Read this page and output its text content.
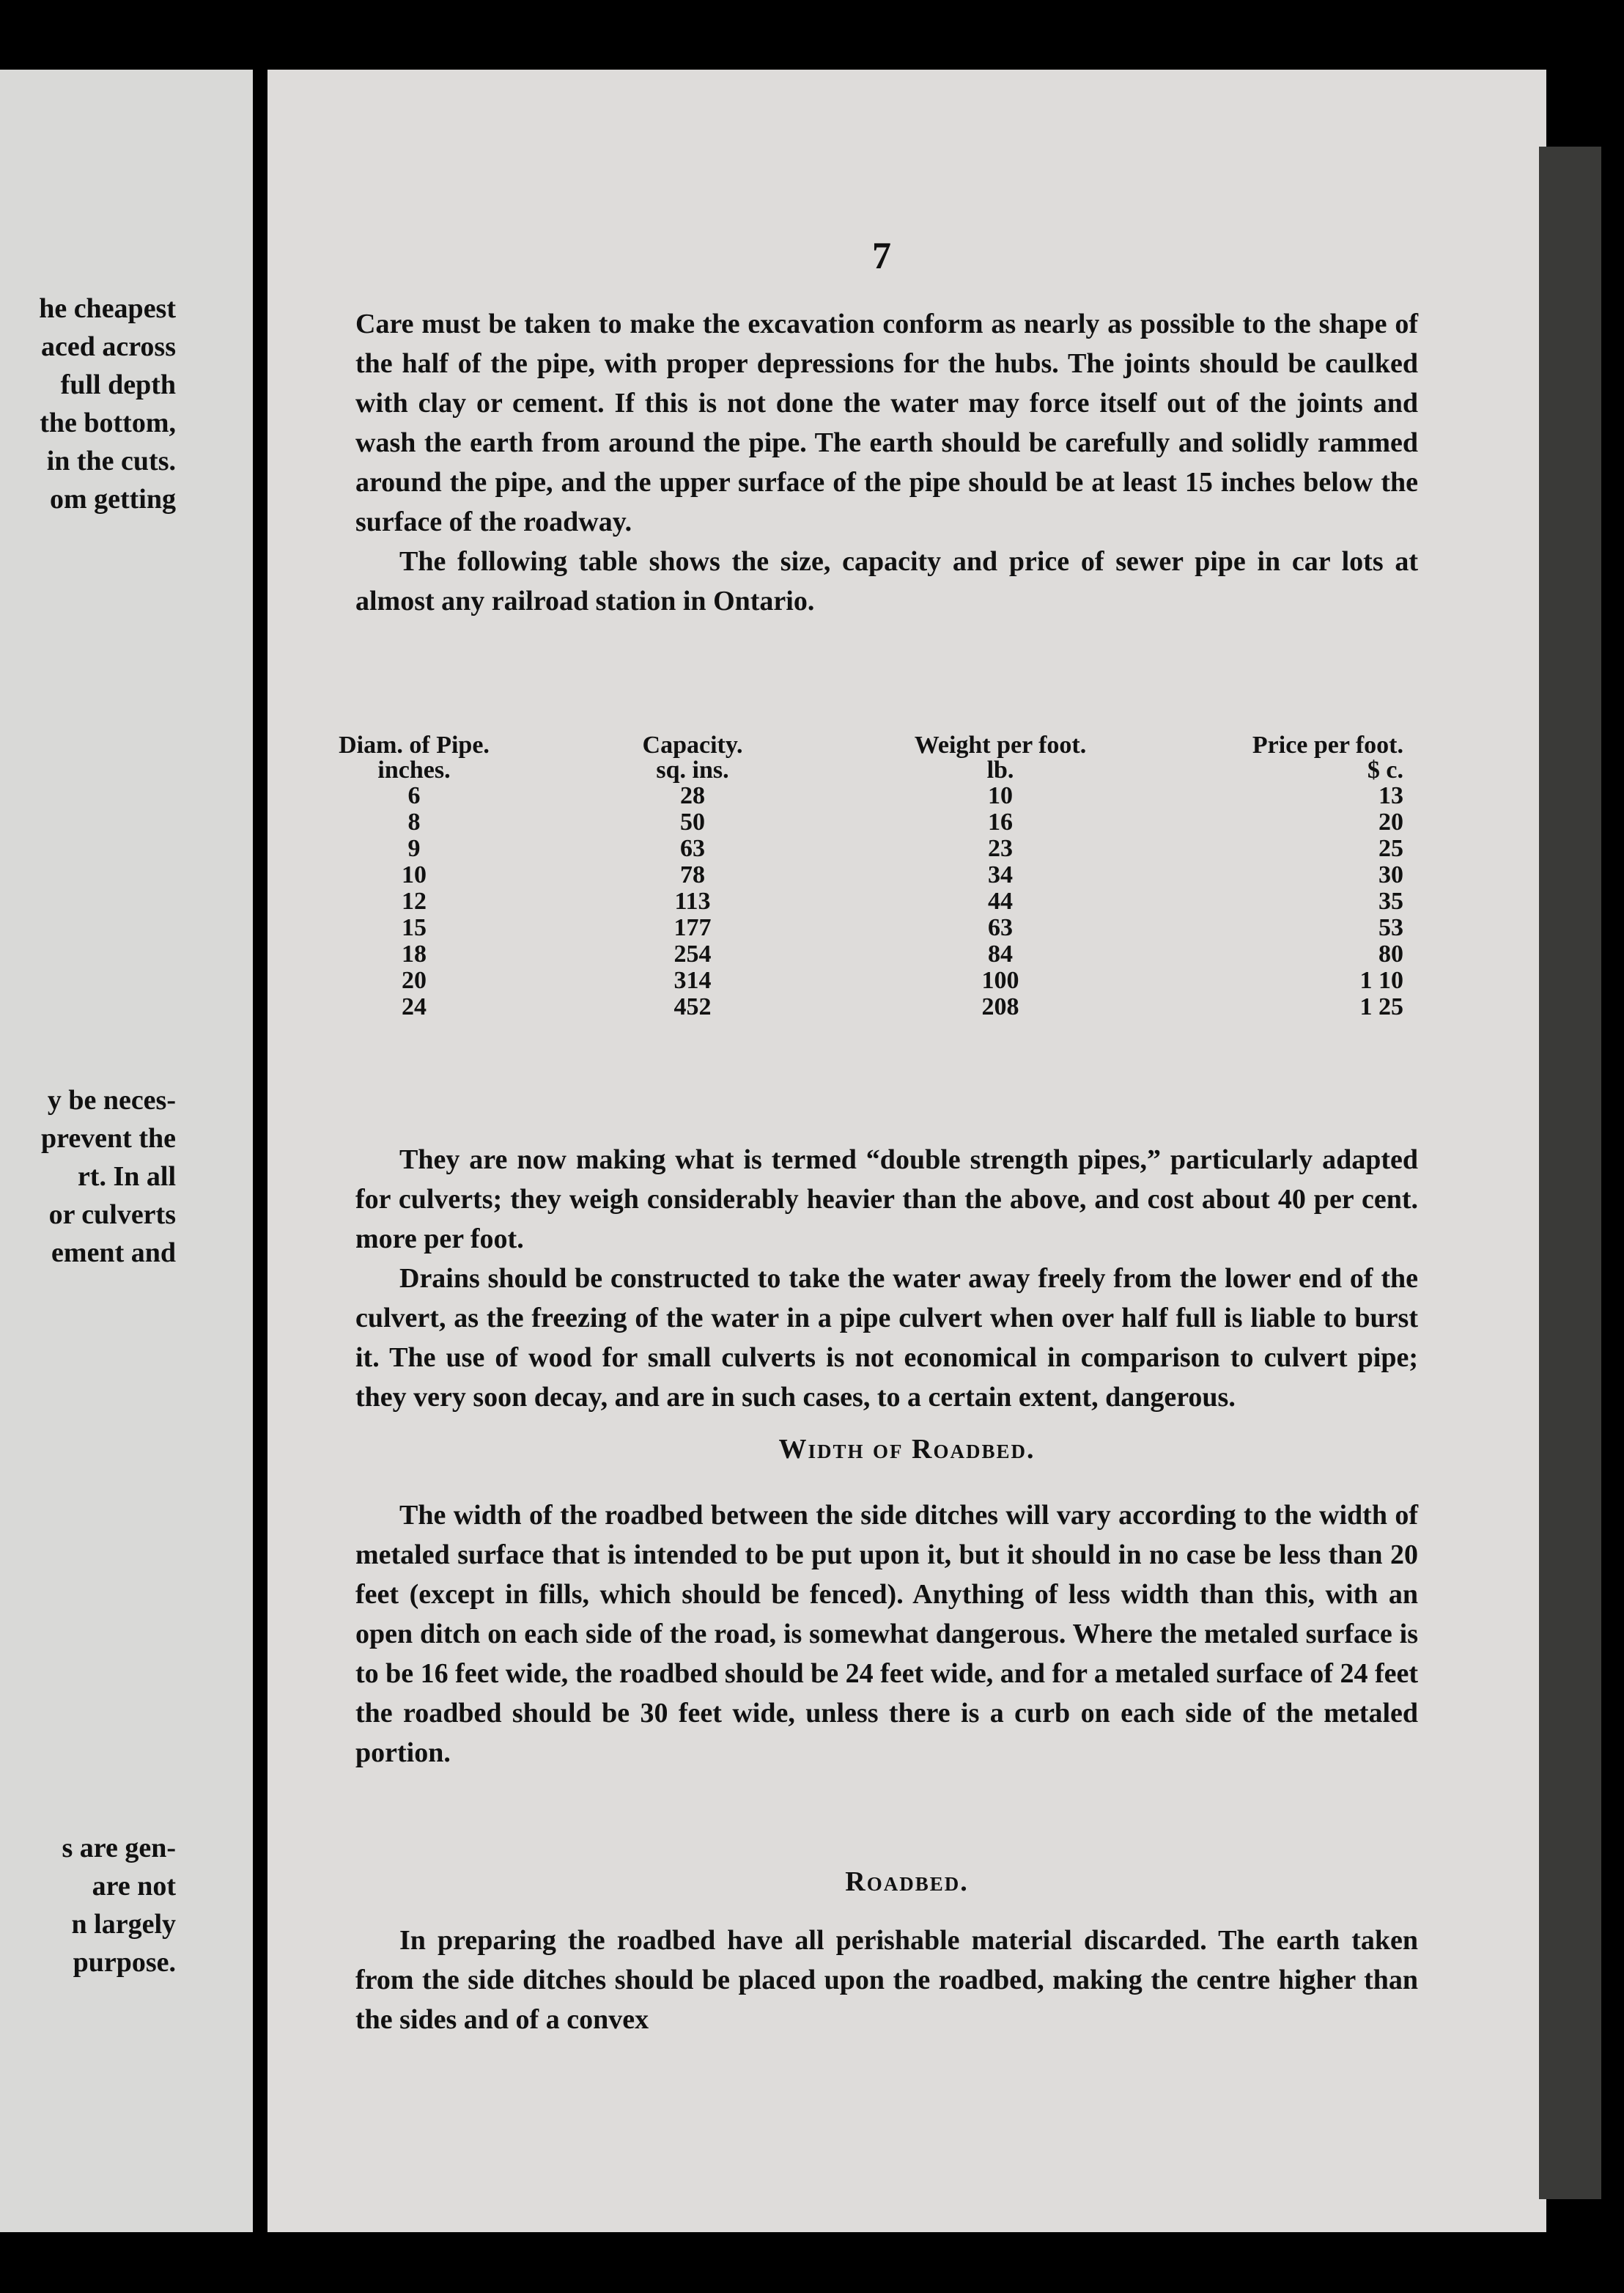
he cheapest
aced across
full depth
the bottom,
in the cuts.
om getting
y be neces-
prevent the
rt. In all
or culverts
ement and
s are gen-
are not
n largely
purpose.
7

Care must be taken to make the excavation conform as nearly as possible to the shape of the half of the pipe, with proper depressions for the hubs. The joints should be caulked with clay or cement. If this is not done the water may force itself out of the joints and wash the earth from around the pipe. The earth should be carefully and solidly rammed around the pipe, and the upper surface of the pipe should be at least 15 inches below the surface of the roadway.

The following table shows the size, capacity and price of sewer pipe in car lots at almost any railroad station in Ontario.

Diam. of Pipe.
inches.
6
8
9
10
12
15
18
20
24
Capacity.
sq. ins.
28
50
63
78
113
177
254
314
452
Weight per foot.
lb.
10
16
23
34
44
63
84
100
208
Price per foot.
$ c.
13
20
25
30
35
53
80
1 10
1 25

They are now making what is termed “double strength pipes,” particularly adapted for culverts; they weigh considerably heavier than the above, and cost about 40 per cent. more per foot.

Drains should be constructed to take the water away freely from the lower end of the culvert, as the freezing of the water in a pipe culvert when over half full is liable to burst it. The use of wood for small culverts is not economical in comparison to culvert pipe; they very soon decay, and are in such cases, to a certain extent, dangerous.

Width of Roadbed.

The width of the roadbed between the side ditches will vary according to the width of metaled surface that is intended to be put upon it, but it should in no case be less than 20 feet (except in fills, which should be fenced). Anything of less width than this, with an open ditch on each side of the road, is somewhat dangerous. Where the metaled surface is to be 16 feet wide, the roadbed should be 24 feet wide, and for a metaled surface of 24 feet the roadbed should be 30 feet wide, unless there is a curb on each side of the metaled portion.

Roadbed.

In preparing the roadbed have all perishable material discarded. The earth taken from the side ditches should be placed upon the roadbed, making the centre higher than the sides and of a convex
